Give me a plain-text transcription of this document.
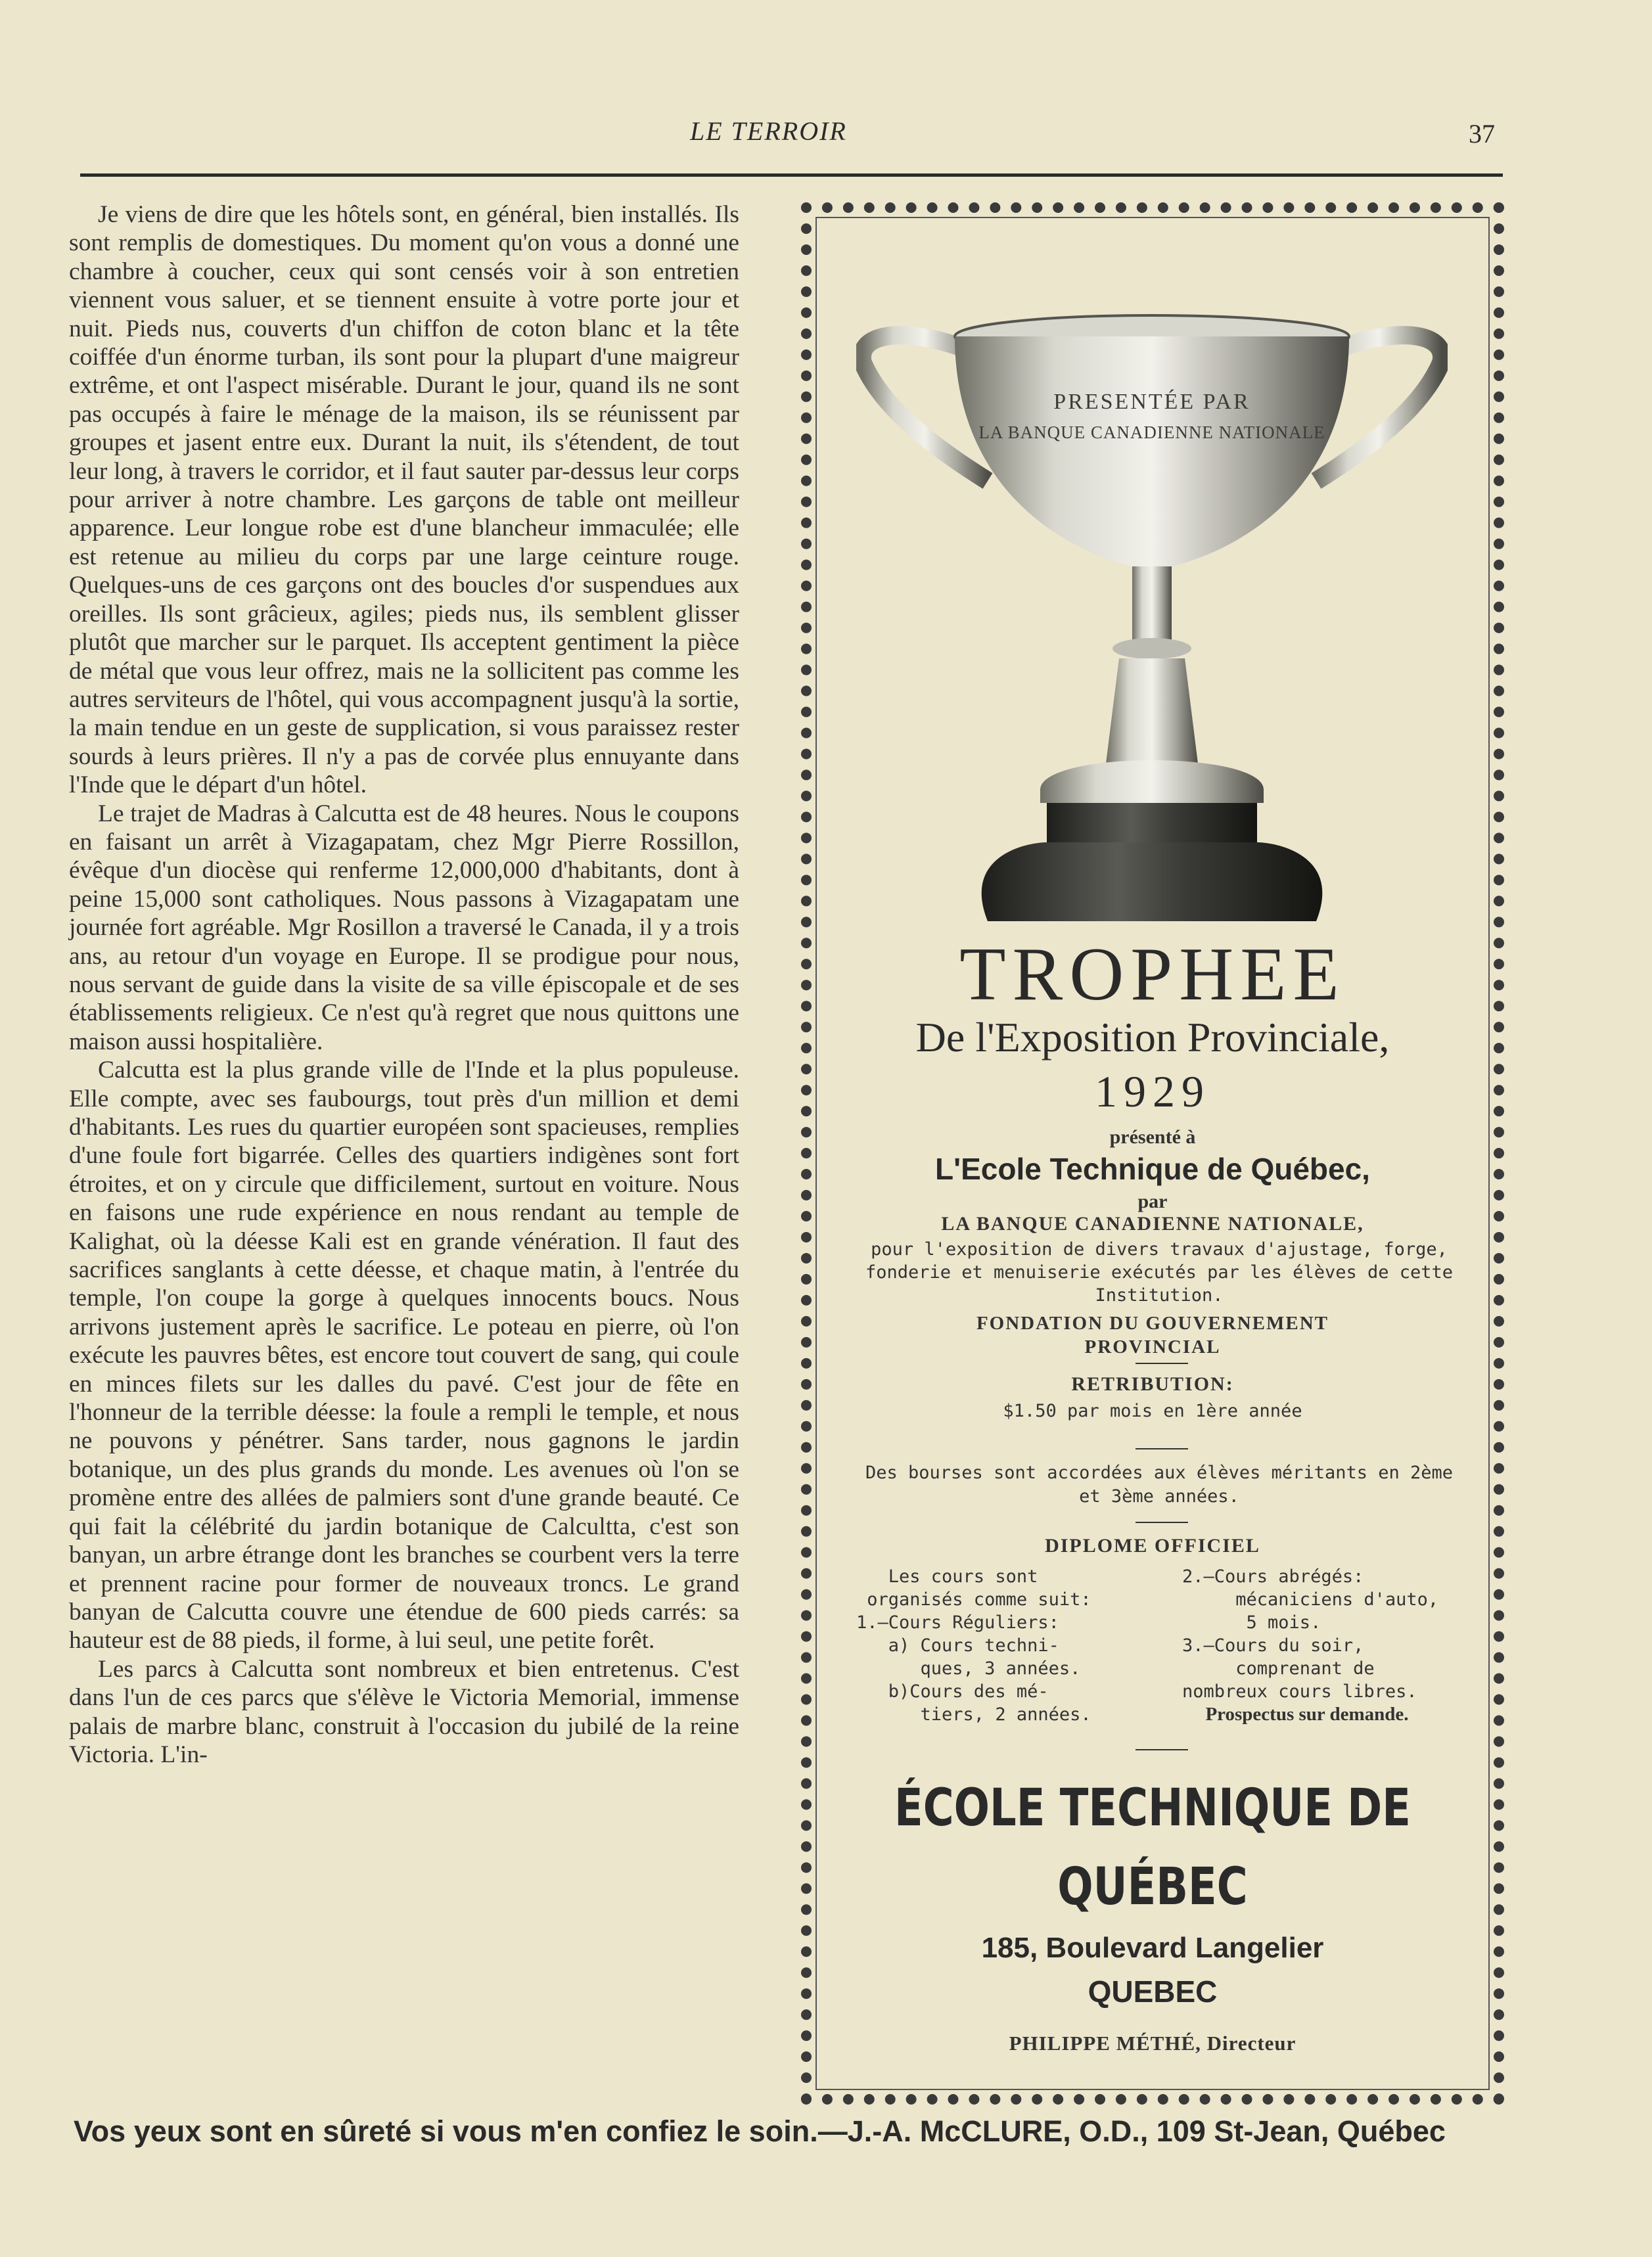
LE TERROIR	37

Je viens de dire que les hôtels sont, en général, bien installés. Ils sont remplis de domestiques. Du moment qu'on vous a donné une chambre à coucher, ceux qui sont censés voir à son entretien viennent vous saluer, et se tiennent ensuite à votre porte jour et nuit. Pieds nus, couverts d'un chiffon de coton blanc et la tête coiffée d'un énorme turban, ils sont pour la plupart d'une maigreur extrême, et ont l'aspect misérable. Durant le jour, quand ils ne sont pas occupés à faire le ménage de la maison, ils se réunissent par groupes et jasent entre eux. Durant la nuit, ils s'étendent, de tout leur long, à travers le corridor, et il faut sauter par-dessus leur corps pour arriver à notre chambre. Les garçons de table ont meilleur apparence. Leur longue robe est d'une blancheur immaculée; elle est retenue au milieu du corps par une large ceinture rouge. Quelques-uns de ces garçons ont des boucles d'or suspendues aux oreilles. Ils sont grâcieux, agiles; pieds nus, ils semblent glisser plutôt que marcher sur le parquet. Ils acceptent gentiment la pièce de métal que vous leur offrez, mais ne la sollicitent pas comme les autres serviteurs de l'hôtel, qui vous accompagnent jusqu'à la sortie, la main tendue en un geste de supplication, si vous paraissez rester sourds à leurs prières. Il n'y a pas de corvée plus ennuyante dans l'Inde que le départ d'un hôtel.

Le trajet de Madras à Calcutta est de 48 heures. Nous le coupons en faisant un arrêt à Vizagapatam, chez Mgr Pierre Rossillon, évêque d'un diocèse qui renferme 12,000,000 d'habitants, dont à peine 15,000 sont catholiques. Nous passons à Vizagapatam une journée fort agréable. Mgr Rosillon a traversé le Canada, il y a trois ans, au retour d'un voyage en Europe. Il se prodigue pour nous, nous servant de guide dans la visite de sa ville épiscopale et de ses établissements religieux. Ce n'est qu'à regret que nous quittons une maison aussi hospitalière.

Calcutta est la plus grande ville de l'Inde et la plus populeuse. Elle compte, avec ses faubourgs, tout près d'un million et demi d'habitants. Les rues du quartier européen sont spacieuses, remplies d'une foule fort bigarrée. Celles des quartiers indigènes sont fort étroites, et on y circule que difficilement, surtout en voiture. Nous en faisons une rude expérience en nous rendant au temple de Kalighat, où la déesse Kali est en grande vénération. Il faut des sacrifices sanglants à cette déesse, et chaque matin, à l'entrée du temple, l'on coupe la gorge à quelques innocents boucs. Nous arrivons justement après le sacrifice. Le poteau en pierre, où l'on exécute les pauvres bêtes, est encore tout couvert de sang, qui coule en minces filets sur les dalles du pavé. C'est jour de fête en l'honneur de la terrible déesse: la foule a rempli le temple, et nous ne pouvons y pénétrer. Sans tarder, nous gagnons le jardin botanique, un des plus grands du monde. Les avenues où l'on se promène entre des allées de palmiers sont d'une grande beauté. Ce qui fait la célébrité du jardin botanique de Calcultta, c'est son banyan, un arbre étrange dont les branches se courbent vers la terre et prennent racine pour former de nouveaux troncs. Le grand banyan de Calcutta couvre une étendue de 600 pieds carrés: sa hauteur est de 88 pieds, il forme, à lui seul, une petite forêt.

Les parcs à Calcutta sont nombreux et bien entretenus. C'est dans l'un de ces parcs que s'élève le Victoria Memorial, immense palais de marbre blanc, construit à l'occasion du jubilé de la reine Victoria. L'in-

PRESENTÉE PAR
LA BANQUE CANADIENNE NATIONALE
TROPHEE
De l'Exposition Provinciale,
1929
présenté à
L'Ecole Technique de Québec,
par
LA BANQUE CANADIENNE NATIONALE,
pour l'exposition de divers travaux d'ajustage, forge, fonderie et menuiserie exécutés par les élèves de cette Institution.
FONDATION DU GOUVERNEMENT PROVINCIAL
RETRIBUTION:
$1.50 par mois en 1ère année
Des bourses sont accordées aux élèves méritants en 2ème et 3ème années.
DIPLOME OFFICIEL
Les cours sont
organisés comme suit:
1.—Cours Réguliers:
a) Cours techni-
ques, 3 années.
b)Cours des mé-
tiers, 2 années.
2.—Cours abrégés:
mécaniciens d'auto,
5 mois.
3.—Cours du soir,
comprenant de
nombreux cours libres.
Prospectus sur demande.
ÉCOLE TECHNIQUE DE
QUÉBEC
185, Boulevard Langelier
QUEBEC
PHILIPPE MÉTHÉ, Directeur
Vos yeux sont en sûreté si vous m'en confiez le soin.—J.-A. McCLURE, O.D., 109 St-Jean, Québec
